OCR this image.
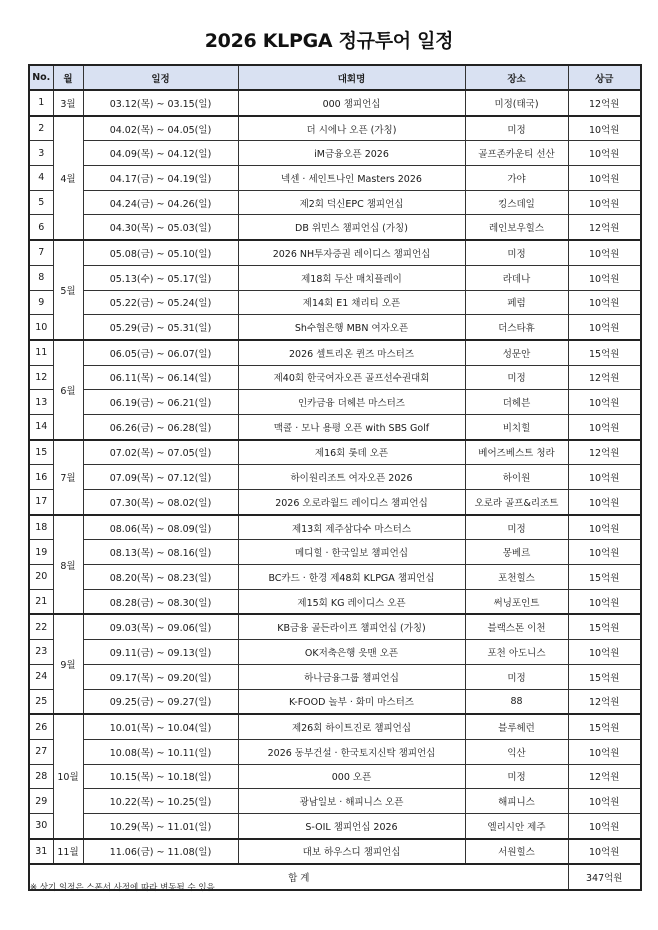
2026 KLPGA 정규투어 일정
No.	월	일정	대회명	장소	상금
1	3월	03.12(목) ~ 03.15(일)	000 챔피언십	미정(태국)	12억원
2	4월	04.02(목) ~ 04.05(일)	더 시에나 오픈 (가칭)	미정	10억원
3		04.09(목) ~ 04.12(일)	iM금융오픈 2026	골프존카운티 선산	10억원
4		04.17(금) ~ 04.19(일)	넥센 · 세인트나인 Masters 2026	가야	10억원
5		04.24(금) ~ 04.26(일)	제2회 덕신EPC 챔피언십	킹스데일	10억원
6		04.30(목) ~ 05.03(일)	DB 위민스 챔피언십 (가칭)	레인보우힐스	12억원
7	5월	05.08(금) ~ 05.10(일)	2026 NH투자증권 레이디스 챔피언십	미정	10억원
8		05.13(수) ~ 05.17(일)	제18회 두산 매치플레이	라데나	10억원
9		05.22(금) ~ 05.24(일)	제14회 E1 채리티 오픈	페럼	10억원
10		05.29(금) ~ 05.31(일)	Sh수협은행 MBN 여자오픈	더스타휴	10억원
11	6월	06.05(금) ~ 06.07(일)	2026 셀트리온 퀸즈 마스터즈	성문안	15억원
12		06.11(목) ~ 06.14(일)	제40회 한국여자오픈 골프선수권대회	미정	12억원
13		06.19(금) ~ 06.21(일)	인카금융 더헤븐 마스터즈	더헤븐	10억원
14		06.26(금) ~ 06.28(일)	맥콜 · 모나 용평 오픈 with SBS Golf	비치힐	10억원
15	7월	07.02(목) ~ 07.05(일)	제16회 롯데 오픈	베어즈베스트 청라	12억원
16		07.09(목) ~ 07.12(일)	하이원리조트 여자오픈 2026	하이원	10억원
17		07.30(목) ~ 08.02(일)	2026 오로라월드 레이디스 챔피언십	오로라 골프&리조트	10억원
18	8월	08.06(목) ~ 08.09(일)	제13회 제주삼다수 마스터스	미정	10억원
19		08.13(목) ~ 08.16(일)	메디힐 · 한국일보 챔피언십	몽베르	10억원
20		08.20(목) ~ 08.23(일)	BC카드 · 한경 제48회 KLPGA 챔피언십	포천힐스	15억원
21		08.28(금) ~ 08.30(일)	제15회 KG 레이디스 오픈	써닝포인트	10억원
22	9월	09.03(목) ~ 09.06(일)	KB금융 골든라이프 챔피언십 (가칭)	블랙스톤 이천	15억원
23		09.11(금) ~ 09.13(일)	OK저축은행 읏맨 오픈	포천 아도니스	10억원
24		09.17(목) ~ 09.20(일)	하나금융그룹 챔피언십	미정	15억원
25		09.25(금) ~ 09.27(일)	K-FOOD 놀부 · 화미 마스터즈	88	12억원
26	10월	10.01(목) ~ 10.04(일)	제26회 하이트진로 챔피언십	블루헤런	15억원
27		10.08(목) ~ 10.11(일)	2026 동부건설 · 한국토지신탁 챔피언십	익산	10억원
28		10.15(목) ~ 10.18(일)	000 오픈	미정	12억원
29		10.22(목) ~ 10.25(일)	광남일보 · 해피니스 오픈	해피니스	10억원
30		10.29(목) ~ 11.01(일)	S-OIL 챔피언십 2026	엘리시안 제주	10억원
31	11월	11.06(금) ~ 11.08(일)	대보 하우스디 챔피언십	서원힐스	10억원
합 계					347억원
※ 상기 일정은 스폰서 사정에 따라 변동될 수 있음
